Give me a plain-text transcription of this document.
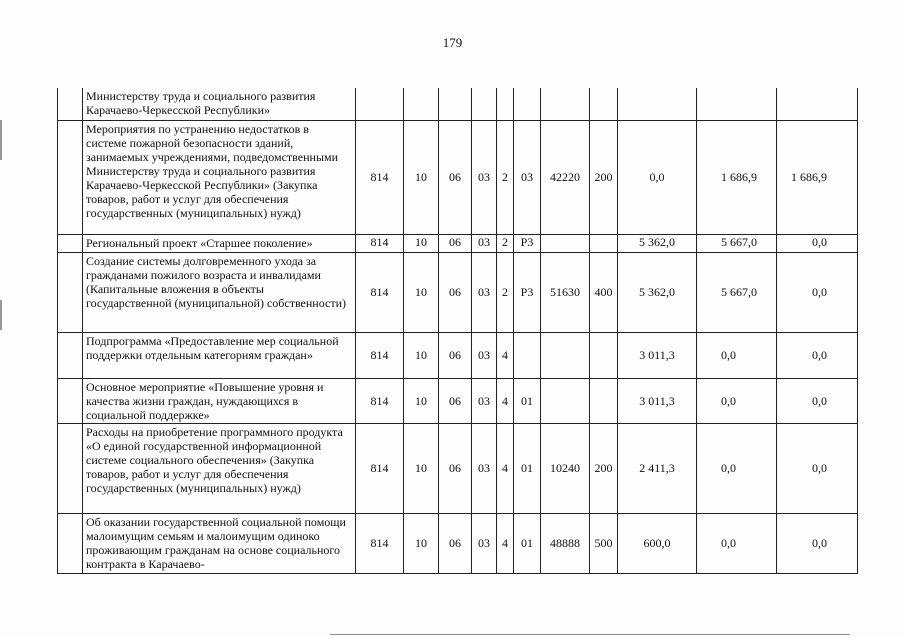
179
	Министерству труда и социального развития Карачаево-Черкесской Республики»											
	Мероприятия по устранению недостатков в системе пожарной безопасности зданий, занимаемых учреждениями, подведомственными Министерству труда и социального развития Карачаево-Черкесской Республики» (Закупка товаров, работ и услуг для обеспечения государственных (муниципальных) нужд)	814	10	06	03	2	03	42220	200	0,0	1 686,9	1 686,9
	Региональный проект «Старшее поколение»	814	10	06	03	2	Р3			5 362,0	5 667,0	0,0
	Создание системы долговременного ухода за гражданами пожилого возраста и инвалидами (Капитальные вложения в объекты государственной (муниципальной) собственности)	814	10	06	03	2	Р3	51630	400	5 362,0	5 667,0	0,0
	Подпрограмма «Предоставление мер социальной поддержки отдельным категориям граждан»	814	10	06	03	4				3 011,3	0,0	0,0
	Основное мероприятие «Повышение уровня и качества жизни граждан, нуждающихся в социальной поддержке»	814	10	06	03	4	01			3 011,3	0,0	0,0
	Расходы на приобретение программного продукта «О единой государственной информационной системе социального обеспечения» (Закупка товаров, работ и услуг для обеспечения государственных (муниципальных) нужд)	814	10	06	03	4	01	10240	200	2 411,3	0,0	0,0
	Об оказании государственной социальной помощи малоимущим семьям и малоимущим одиноко проживающим гражданам на основе социального контракта в Карачаево-	814	10	06	03	4	01	48888	500	600,0	0,0	0,0
